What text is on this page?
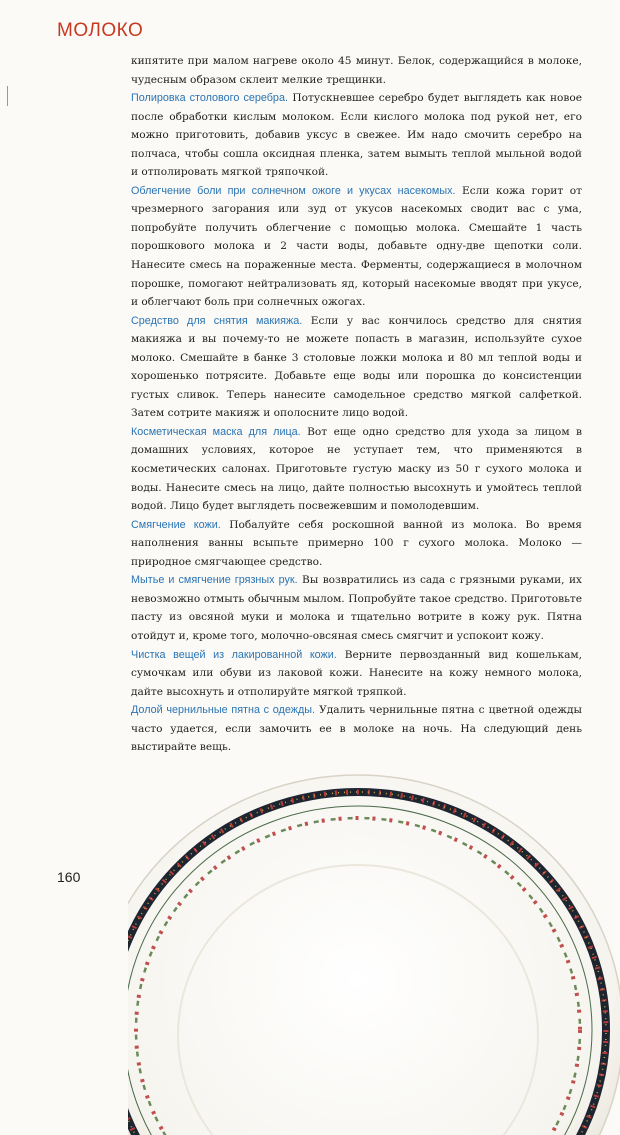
МОЛОКО

кипятите при малом нагреве около 45 минут. Белок, содержащийся в молоке, чудесным образом склеит мелкие трещинки.

Полировка столового серебра. Потускневшее серебро будет выглядеть как новое после обработки кислым молоком. Если кислого молока под рукой нет, его можно приготовить, добавив уксус в свежее. Им надо смочить серебро на полчаса, чтобы сошла оксидная пленка, затем вымыть теплой мыльной водой и отполировать мягкой тряпочкой.

Облегчение боли при солнечном ожоге и укусах насекомых. Если кожа горит от чрезмерного загорания или зуд от укусов насекомых сводит вас с ума, попробуйте получить облегчение с помощью молока. Смешайте 1 часть порошкового молока и 2 части воды, добавьте одну-две щепотки соли. Нанесите смесь на пораженные места. Ферменты, содержащиеся в молочном порошке, помогают нейтрализовать яд, который насекомые вводят при укусе, и облегчают боль при солнечных ожогах.

Средство для снятия макияжа. Если у вас кончилось средство для снятия макияжа и вы почему-то не можете попасть в магазин, используйте сухое молоко. Смешайте в банке 3 столовые ложки молока и 80 мл теплой воды и хорошенько потрясите. Добавьте еще воды или порошка до консистенции густых сливок. Теперь нанесите самодельное средство мягкой салфеткой. Затем сотрите макияж и ополосните лицо водой.

Косметическая маска для лица. Вот еще одно средство для ухода за лицом в домашних условиях, которое не уступает тем, что применяются в косметических салонах. Приготовьте густую маску из 50 г сухого молока и воды. Нанесите смесь на лицо, дайте полностью высохнуть и умойтесь теплой водой. Лицо будет выглядеть посвежевшим и помолодевшим.

Смягчение кожи. Побалуйте себя роскошной ванной из молока. Во время наполнения ванны всыпьте примерно 100 г сухого молока. Молоко — природное смягчающее средство.

Мытье и смягчение грязных рук. Вы возвратились из сада с грязными руками, их невозможно отмыть обычным мылом. Попробуйте такое средство. Приготовьте пасту из овсяной муки и молока и тщательно вотрите в кожу рук. Пятна отойдут и, кроме того, молочно-овсяная смесь смягчит и успокоит кожу.

Чистка вещей из лакированной кожи. Верните первозданный вид кошелькам, сумочкам или обуви из лаковой кожи. Нанесите на кожу немного молока, дайте высохнуть и отполируйте мягкой тряпкой.

Долой чернильные пятна с одежды. Удалить чернильные пятна с цветной одежды часто удается, если замочить ее в молоке на ночь. На следующий день выстирайте вещь.

160
